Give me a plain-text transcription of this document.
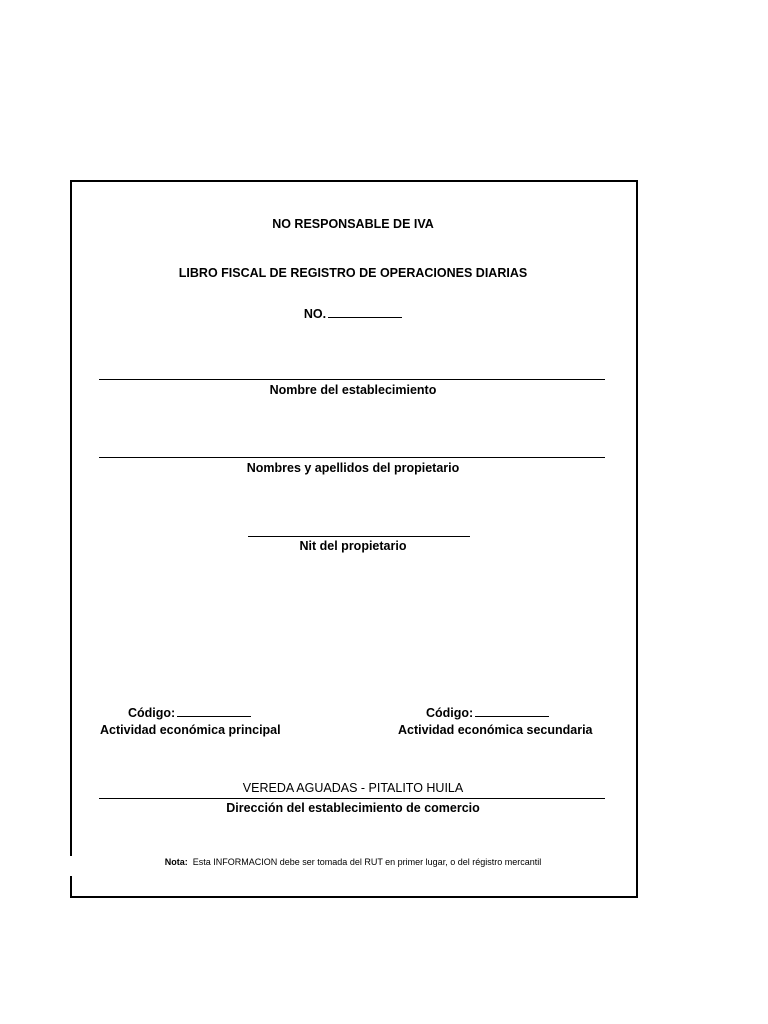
NO RESPONSABLE DE IVA
LIBRO FISCAL DE REGISTRO DE OPERACIONES DIARIAS
NO.
Nombre del establecimiento
Nombres y apellidos del propietario
Nit del propietario
Código:
Actividad económica principal
Código:
Actividad económica secundaria
VEREDA AGUADAS - PITALITO HUILA
Dirección del establecimiento de comercio
Nota: Esta INFORMACION debe ser tomada del RUT en primer lugar, o del régistro mercantil
